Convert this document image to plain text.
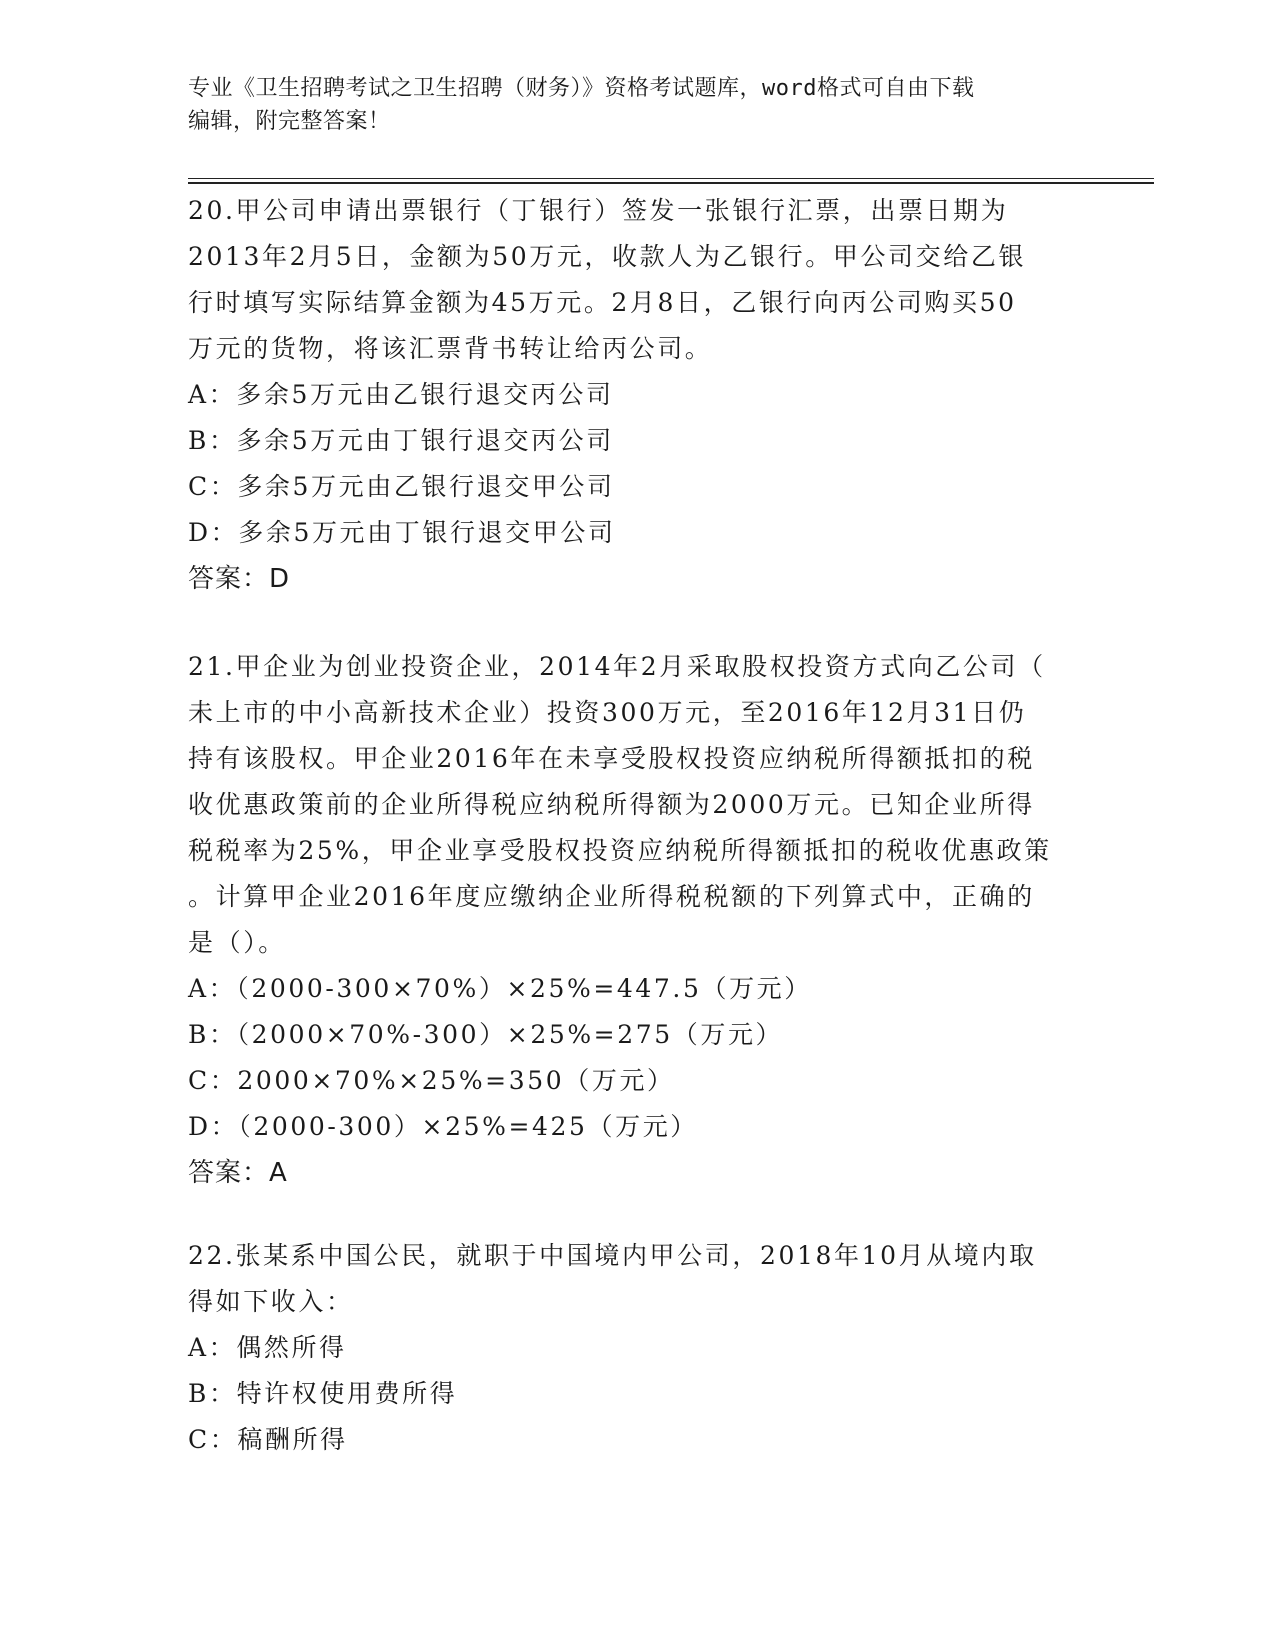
专业《卫生招聘考试之卫生招聘（财务）》资格考试题库，word格式可自由下载
编辑，附完整答案！
20.甲公司申请出票银行（丁银行）签发一张银行汇票，出票日期为
2013年2月5日，金额为50万元，收款人为乙银行。甲公司交给乙银
行时填写实际结算金额为45万元。2月8日，乙银行向丙公司购买50
万元的货物，将该汇票背书转让给丙公司。
A：多余5万元由乙银行退交丙公司
B：多余5万元由丁银行退交丙公司
C：多余5万元由乙银行退交甲公司
D：多余5万元由丁银行退交甲公司
答案：D
21.甲企业为创业投资企业，2014年2月采取股权投资方式向乙公司（
未上市的中小高新技术企业）投资300万元，至2016年12月31日仍
持有该股权。甲企业2016年在未享受股权投资应纳税所得额抵扣的税
收优惠政策前的企业所得税应纳税所得额为2000万元。已知企业所得
税税率为25%，甲企业享受股权投资应纳税所得额抵扣的税收优惠政策
。计算甲企业2016年度应缴纳企业所得税税额的下列算式中，正确的
是（）。
A：（2000-300×70%）×25%=447.5（万元）
B：（2000×70%-300）×25%=275（万元）
C：2000×70%×25%=350（万元）
D：（2000-300）×25%=425（万元）
答案：A
22.张某系中国公民，就职于中国境内甲公司，2018年10月从境内取
得如下收入：
A：偶然所得
B：特许权使用费所得
C：稿酬所得
